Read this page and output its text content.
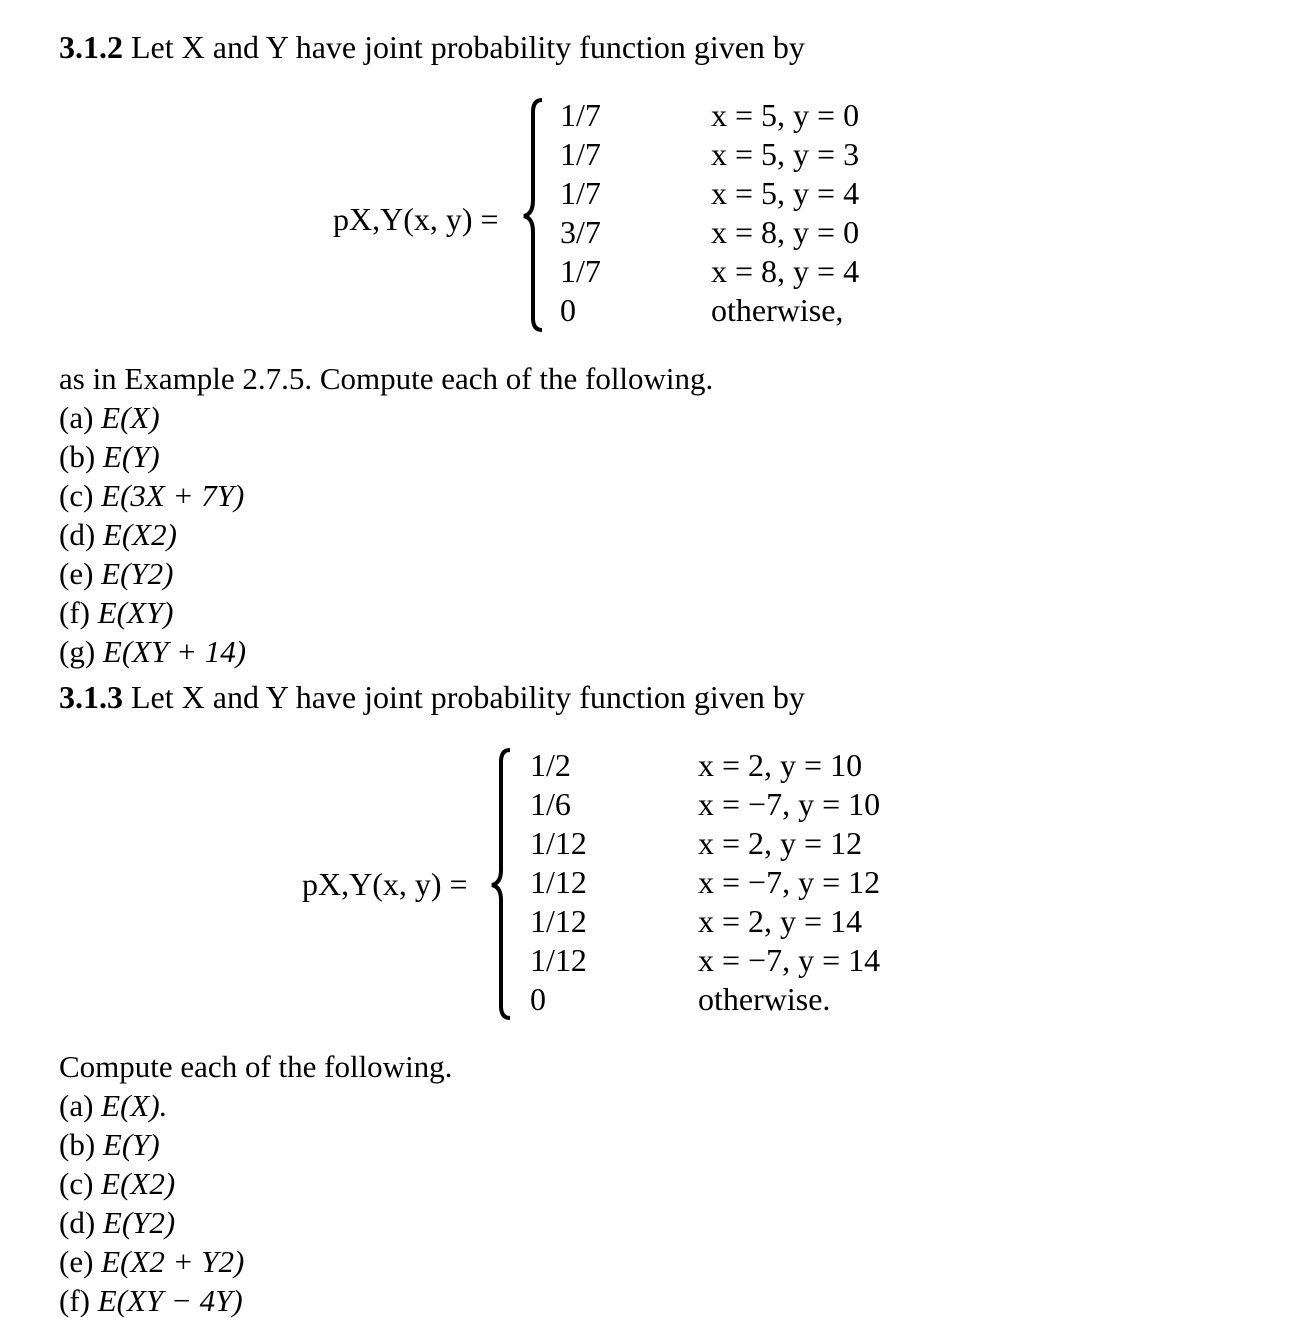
3.1.2 Let X and Y have joint probability function given by
pX,Y(x, y) =
1/7
1/7
1/7
3/7
1/7
0
x = 5, y = 0
x = 5, y = 3
x = 5, y = 4
x = 8, y = 0
x = 8, y = 4
otherwise,
as in Example 2.7.5. Compute each of the following.
(a) E(X)
(b) E(Y)
(c) E(3X + 7Y)
(d) E(X2)
(e) E(Y2)
(f) E(XY)
(g) E(XY + 14)
3.1.3 Let X and Y have joint probability function given by
pX,Y(x, y) =
1/2
1/6
1/12
1/12
1/12
1/12
0
x = 2, y = 10
x = −7, y = 10
x = 2, y = 12
x = −7, y = 12
x = 2, y = 14
x = −7, y = 14
otherwise.
Compute each of the following.
(a) E(X).
(b) E(Y)
(c) E(X2)
(d) E(Y2)
(e) E(X2 + Y2)
(f) E(XY − 4Y)
